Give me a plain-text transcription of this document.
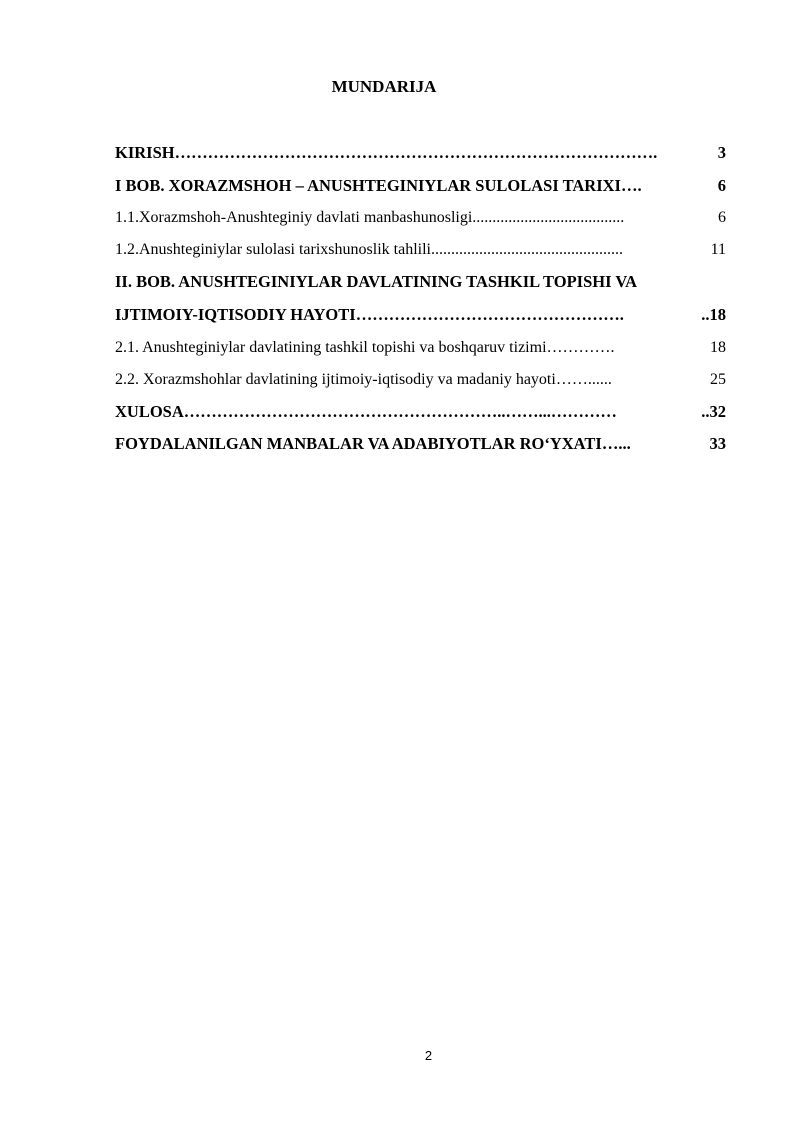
MUNDARIJA
KIRISH …………………………………………………………………………….	3
I BOB. XORAZMSHOH – ANUSHTEGINIYLAR SULOLASI TARIXI ….	6
1.1.Xorazmshoh-Anushteginiy davlati manbashunosligi ......................................	6
1.2.Anushteginiylar sulolasi tarixshunoslik tahlili ................................................	11
II. BOB. ANUSHTEGINIYLAR DAVLATINING TASHKIL TOPISHI VA
IJTIMOIY-IQTISODIY HAYOTI ………………………………………….	..18
2.1. Anushteginiylar davlatining tashkil topishi va boshqaruv tizimi ………….	18
2.2. Xorazmshohlar davlatining ijtimoiy-iqtisodiy va madaniy hayoti ……......	25
XULOSA …………………………………………………..……...…………	..32
FOYDALANILGAN MANBALAR VA ADABIYOTLAR RO‘YXATI …...	33
2
